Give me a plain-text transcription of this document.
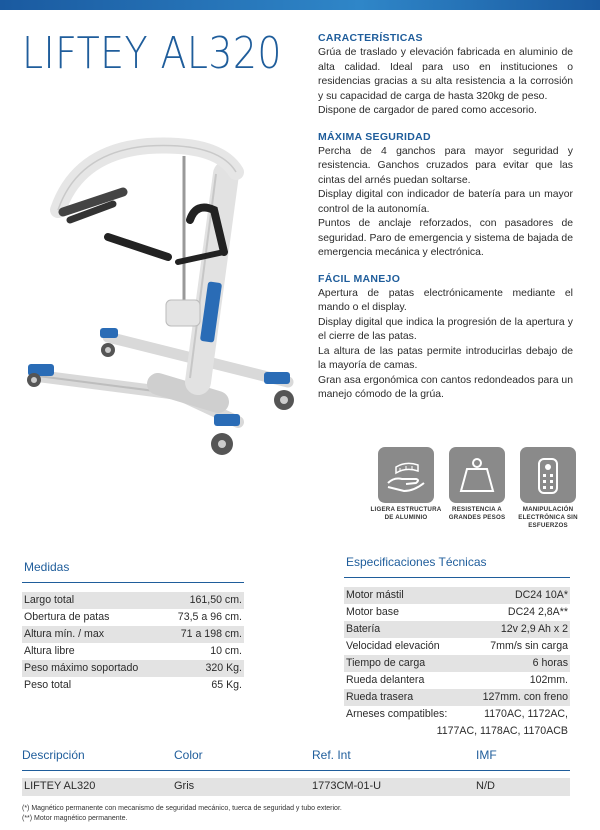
LIFTEY AL320	CARACTERÍSTICAS

Grúa de traslado y elevación fabricada en aluminio de alta calidad. Ideal para uso en instituciones o residencias gracias a su alta resistencia a la corrosión y su capacidad de carga de hasta 320kg de peso.

Dispone de cargador de pared como accesorio.

MÁXIMA SEGURIDAD

Percha de 4 ganchos para mayor seguridad y resistencia. Ganchos cruzados para evitar que las cintas del arnés puedan soltarse.

Display digital con indicador de batería para un mayor control de la autonomía.

Puntos de anclaje reforzados, con pasadores de seguridad. Paro de emergencia y sistema de bajada de emergencia mecánica y electrónica.

FÁCIL MANEJO

Apertura de patas electrónicamente mediante el mando o el display.

Display digital que indica la progresión de la apertura y el cierre de las patas.

La altura de las patas permite introducirlas debajo de la mayoría de camas.

Gran asa ergonómica con cantos redondeados para un manejo cómodo de la grúa.

LIGERA ESTRUCTURA DE ALUMINIO
RESISTENCIA A GRANDES PESOS
MANIPULACIÓN ELECTRÓNICA SIN ESFUERZOS
Medidas
Largo total	161,50 cm.
Obertura de patas	73,5 a 96 cm.
Altura mín. / max	71 a 198 cm.
Altura libre	10 cm.
Peso máximo soportado	320 Kg.
Peso total	65 Kg.
Especificaciones Técnicas
Motor mástil	DC24 10A*
Motor base	DC24 2,8A**
Batería	12v 2,9 Ah x 2
Velocidad elevación	7mm/s sin carga
Tiempo de carga	6 horas
Rueda delantera	102mm.
Rueda trasera	127mm. con freno
Arneses compatibles:	1170AC, 1172AC,
1177AC, 1178AC, 1170ACB
Descripción	Color	Ref. Int	IMF
LIFTEY AL320	Gris	1773CM-01-U	N/D
(*) Magnético permanente con mecanismo de seguridad mecánico, tuerca de seguridad y tubo exterior.
(**) Motor magnético permanente.
